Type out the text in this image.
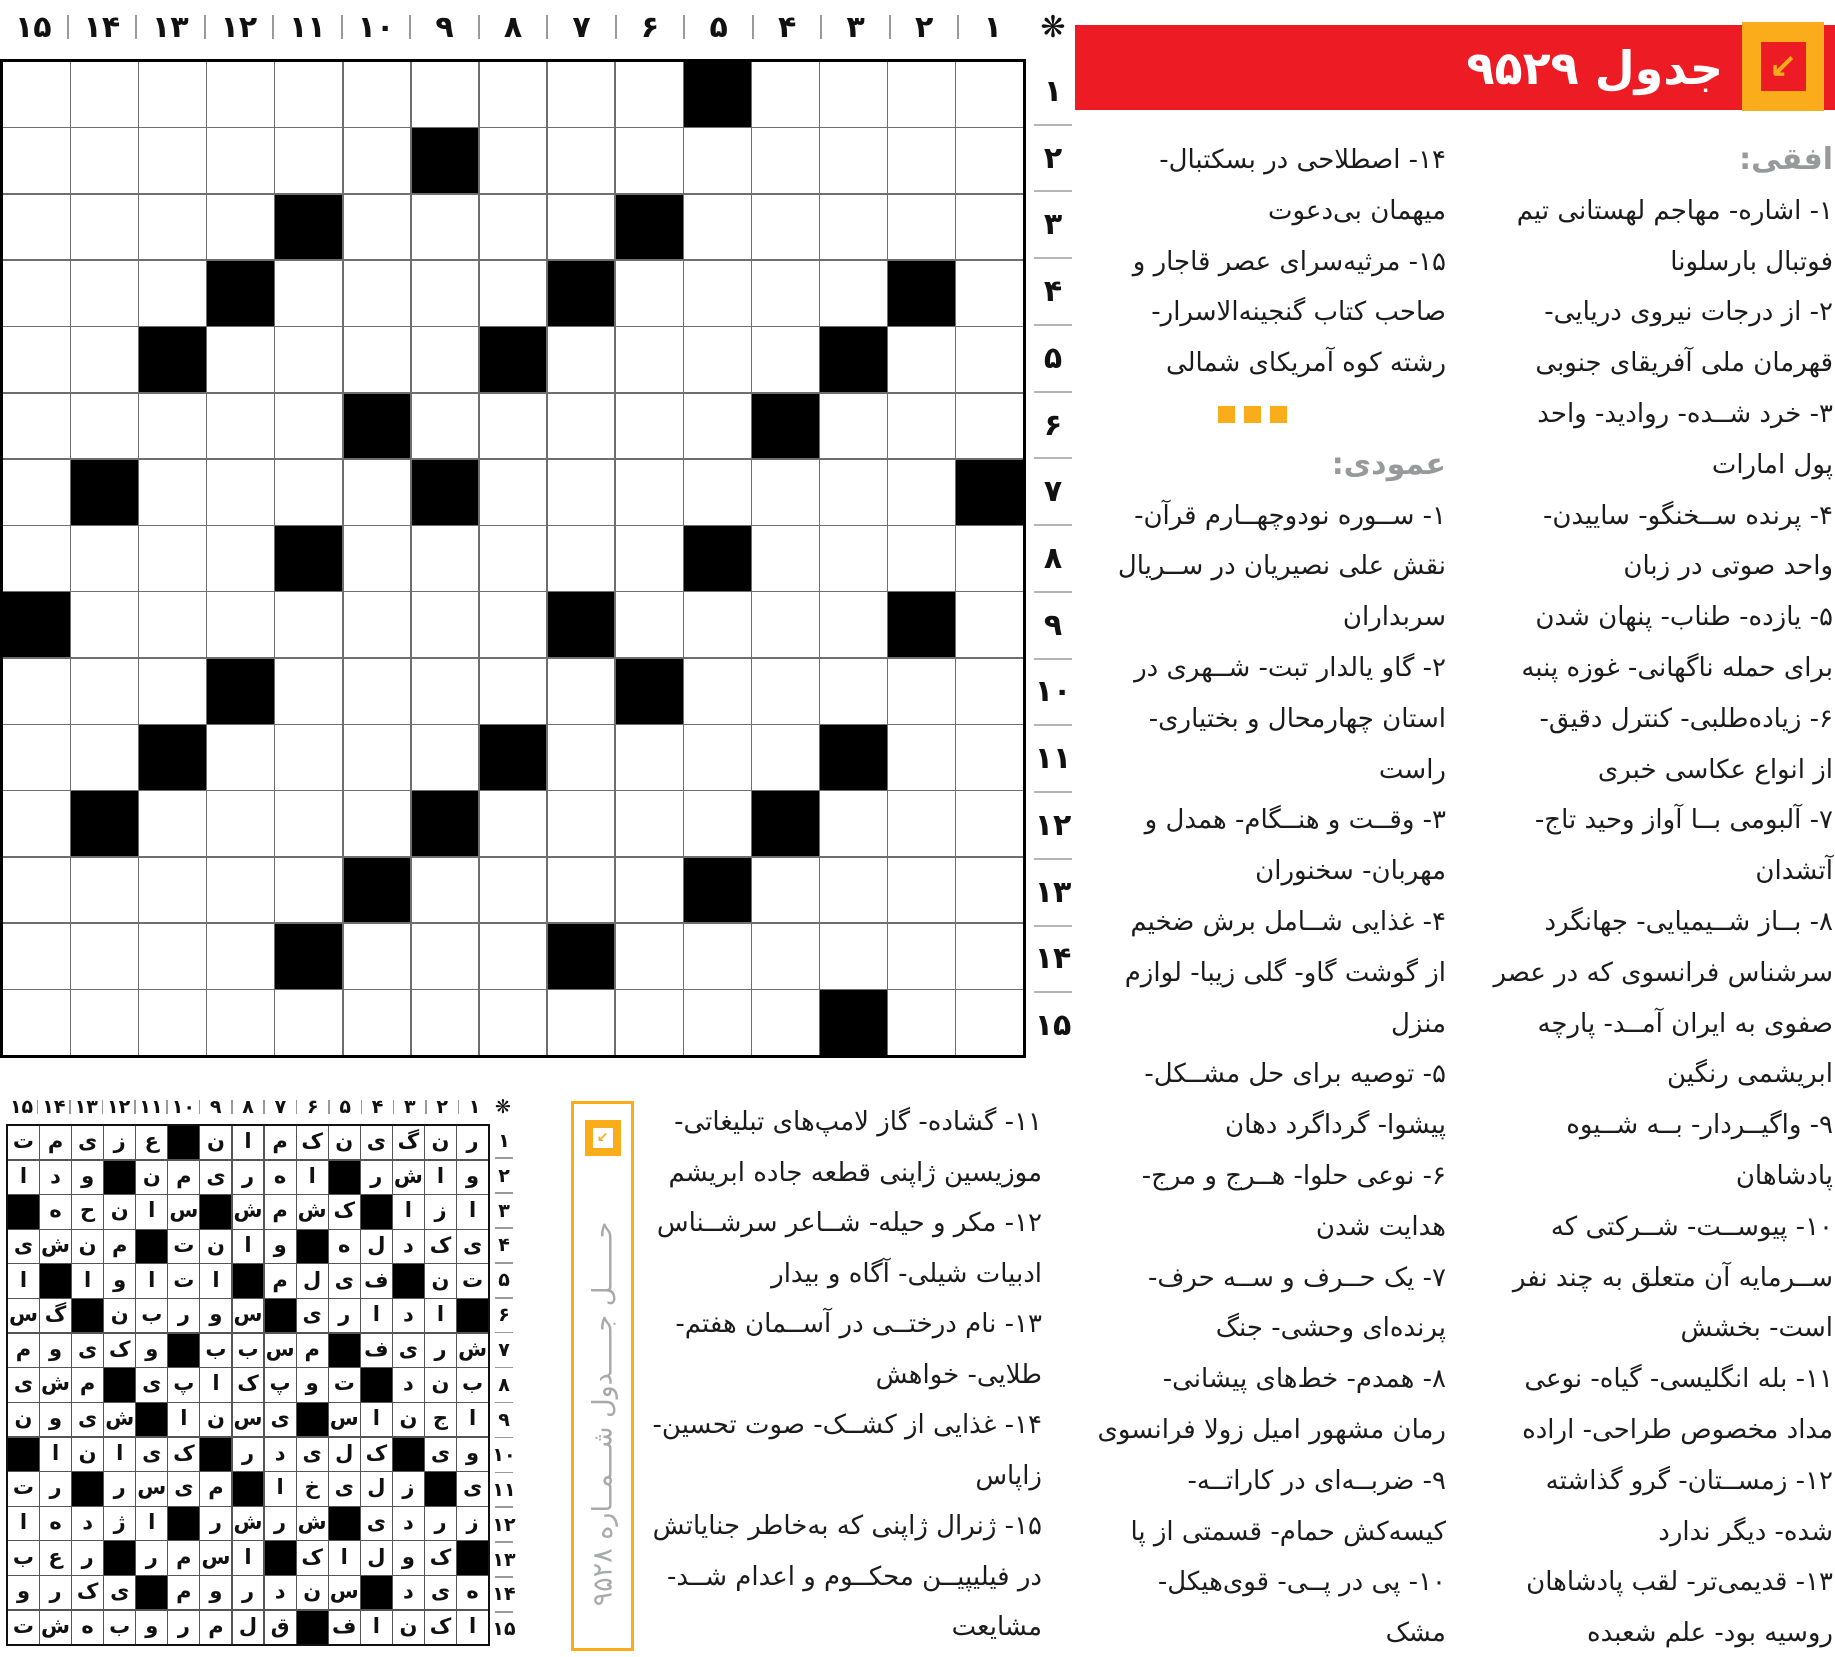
۱
۲
۳
۴
۵
۶
۷
۸
۹
۱۰
۱۱
۱۲
۱۳
۱۴
۱۵	❋
۱
۲
۳
۴
۵
۶
۷
۸
۹
۱۰
۱۱
۱۲
۱۳
۱۴
۱۵
جدول ۹۵۲۹ ↙
افقی:
۱- اشاره- مهاجم لهستانی تیم
فوتبال بارسلونا
۲- از درجات نیروی دریایی-
قهرمان ملی آفریقای جنوبی
۳- خرد شــده- روادید- واحد
پول امارات
۴- پرنده ســخنگو- ساییدن-
واحد صوتی در زبان
۵- یازده- طناب- پنهان شدن
برای حمله ناگهانی- غوزه پنبه
۶- زیاده‌طلبی- کنترل دقیق-
از انواع عکاسی خبری
۷- آلبومی بــا آواز وحید تاج-
آتشدان
۸- بــاز شــیمیایی- جهانگرد
سرشناس فرانسوی که در عصر
صفوی به ایران آمــد- پارچه
ابریشمی رنگین
۹- واگیــردار- بــه شــیوه
پادشاهان
۱۰- پیوســت- شــرکتی که
ســرمایه آن متعلق به چند نفر
است- بخشش
۱۱- بله انگلیسی- گیاه- نوعی
مداد مخصوص طراحی- اراده
۱۲- زمســتان- گرو گذاشته
شده- دیگر ندارد
۱۳- قدیمی‌تر- لقب پادشاهان
روسیه بود- علم شعبده
۱۴- اصطلاحی در بسکتبال-
میهمان بی‌دعوت
۱۵- مرثیه‌سرای عصر قاجار و
صاحب کتاب گنجینه‌الاسرار-
رشته کوه آمریکای شمالی
عمودی:
۱- ســوره نودوچهــارم قرآن-
نقش علی نصیریان در ســریال
سربداران
۲- گاو یالدار تبت- شــهری در
استان چهارمحال و بختیاری-
راست
۳- وقــت و هنــگام- همدل و
مهربان- سخنوران
۴- غذایی شــامل برش ضخیم
از گوشت گاو- گلی زیبا- لوازم
منزل
۵- توصیه برای حل مشــکل-
پیشوا- گرداگرد دهان
۶- نوعی حلوا- هــرج و مرج-
هدایت شدن
۷- یک حــرف و ســه حرف-
پرنده‌ای وحشی- جنگ
۸- همدم- خط‌های پیشانی-
رمان مشهور امیل زولا فرانسوی
۹- ضربــه‌ای در کاراتــه-
کیسه‌کش حمام- قسمتی از پا
۱۰- پی در پــی- قوی‌هیکل-
مشک
۱۱- گشاده- گاز لامپ‌های تبلیغاتی-
موزیسین ژاپنی قطعه جاده ابریشم
۱۲- مکر و حیله- شــاعر سرشــناس
ادبیات شیلی- آگاه و بیدار
۱۳- نام درختــی در آســمان هفتم-
طلایی- خواهش
۱۴- غذایی از کشــک- صوت تحسین-
زاپاس
۱۵- ژنرال ژاپنی که به‌خاطر جنایاتش
در فیلیپیــن محکــوم و اعدام شــد-
مشایعت
۱
۲
۳
۴
۵
۶
۷
۸
۹
۱۰
۱۱
۱۲
۱۳
۱۴
۱۵	❋
ر
ن
گ
ی
ن
ک
م
ا
ن
ع
ز
ی
م
ت
و
ا
ش
ر
ا
ه
ر
ی
م
ن
و
د
ا
ا
ز
ا
ک
ش
م
ش
س
ا
ن
ح
ه
ی
ک
د
ل
ه
و
ا
ن
ت
م
ن
ش
ی
ت
ن
ف
ی
ل
م
ا
ت
ا
و
ا
ا
ا
د
ا
ر
ی
س
و
ر
ب
ن
گ
س
ش
ر
ی
ف
م
س
ب
ب
و
ک
ی
و
م
ب
ن
د
ت
و
پ
ک
ا
پ
ی
م
ش
ی
ا
ج
ن
ا
س
ی
س
ن
ا
ش
ی
و
ن
و
ی
ک
ل
ی
د
ر
ک
ی
ا
ن
ا
ی
ز
ل
ی
خ
ا
م
ی
س
ر
ر
ت
ز
ر
د
ی
ش
ر
ش
ر
ا
ژ
د
ه
ا
ک
و
ل
ا
ک
ا
س
م
ر
ر
ع
ب
ه
ی
د
س
ن
د
ر
و
م
ی
ک
ر
و
ا
ک
ن
ا
ف
ق
ل
م
ر
و
ب
ه
ش
ت
۱
۲
۳
۴
۵
۶
۷
۸
۹
۱۰
۱۱
۱۲
۱۳
۱۴
۱۵
↙
حــــــل جـــــدول شـــمــاره ۹۵۲۸
